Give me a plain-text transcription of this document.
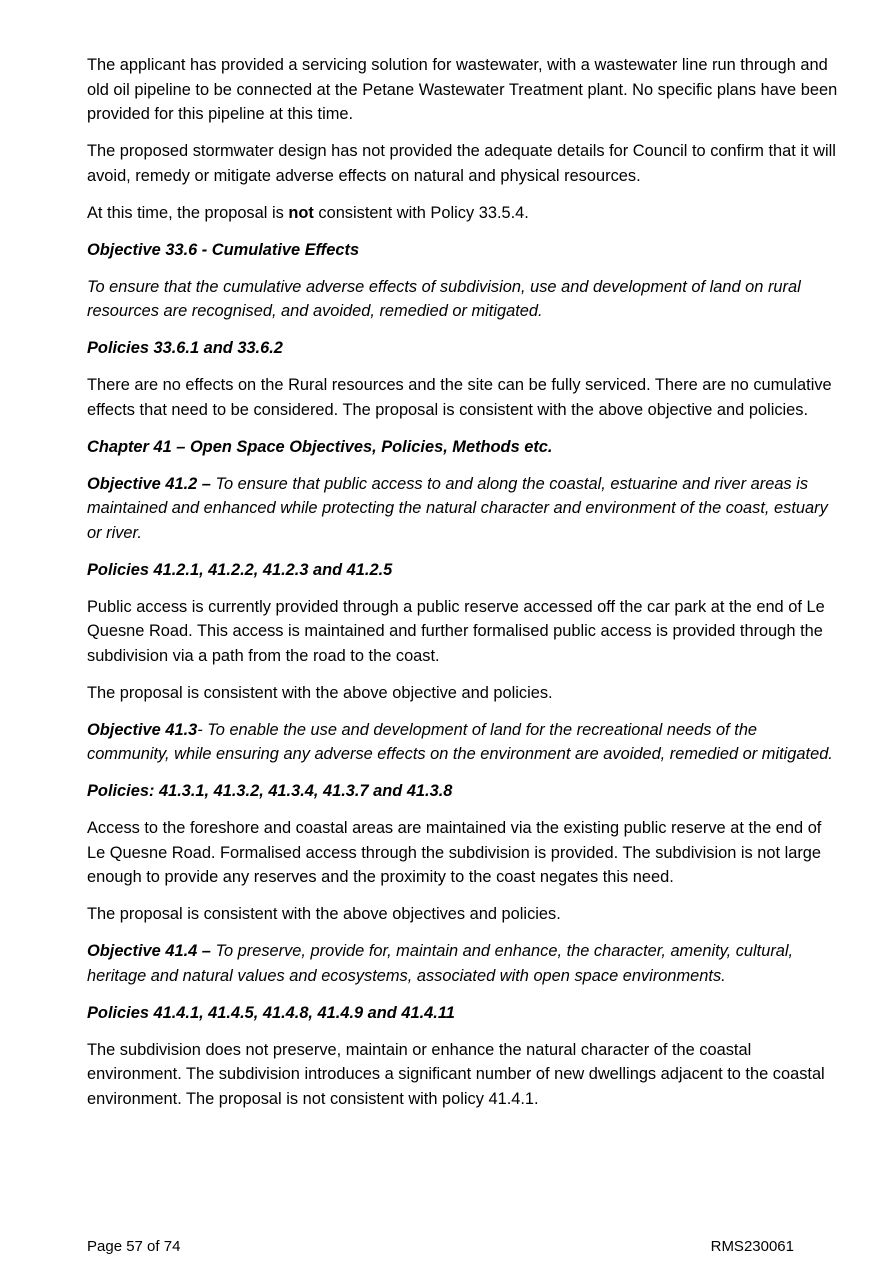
The applicant has provided a servicing solution for wastewater, with a wastewater line run through and old oil pipeline to be connected at the Petane Wastewater Treatment plant. No specific plans have been provided for this pipeline at this time.

The proposed stormwater design has not provided the adequate details for Council to confirm that it will avoid, remedy or mitigate adverse effects on natural and physical resources.

At this time, the proposal is not consistent with Policy 33.5.4.

Objective 33.6 - Cumulative Effects

To ensure that the cumulative adverse effects of subdivision, use and development of land on rural resources are recognised, and avoided, remedied or mitigated.

Policies 33.6.1 and 33.6.2

There are no effects on the Rural resources and the site can be fully serviced. There are no cumulative effects that need to be considered. The proposal is consistent with the above objective and policies.

Chapter 41 – Open Space Objectives, Policies, Methods etc.

Objective 41.2 – To ensure that public access to and along the coastal, estuarine and river areas is maintained and enhanced while protecting the natural character and environment of the coast, estuary or river.

Policies 41.2.1, 41.2.2, 41.2.3 and 41.2.5

Public access is currently provided through a public reserve accessed off the car park at the end of Le Quesne Road. This access is maintained and further formalised public access is provided through the subdivision via a path from the road to the coast.

The proposal is consistent with the above objective and policies.

Objective 41.3- To enable the use and development of land for the recreational needs of the community, while ensuring any adverse effects on the environment are avoided, remedied or mitigated.

Policies: 41.3.1, 41.3.2, 41.3.4, 41.3.7 and 41.3.8

Access to the foreshore and coastal areas are maintained via the existing public reserve at the end of Le Quesne Road. Formalised access through the subdivision is provided. The subdivision is not large enough to provide any reserves and the proximity to the coast negates this need.

The proposal is consistent with the above objectives and policies.

Objective 41.4 – To preserve, provide for, maintain and enhance, the character, amenity, cultural, heritage and natural values and ecosystems, associated with open space environments.

Policies 41.4.1, 41.4.5, 41.4.8, 41.4.9 and 41.4.11

The subdivision does not preserve, maintain or enhance the natural character of the coastal environment. The subdivision introduces a significant number of new dwellings adjacent to the coastal environment. The proposal is not consistent with policy 41.4.1.

Page 57 of 74	RMS230061
